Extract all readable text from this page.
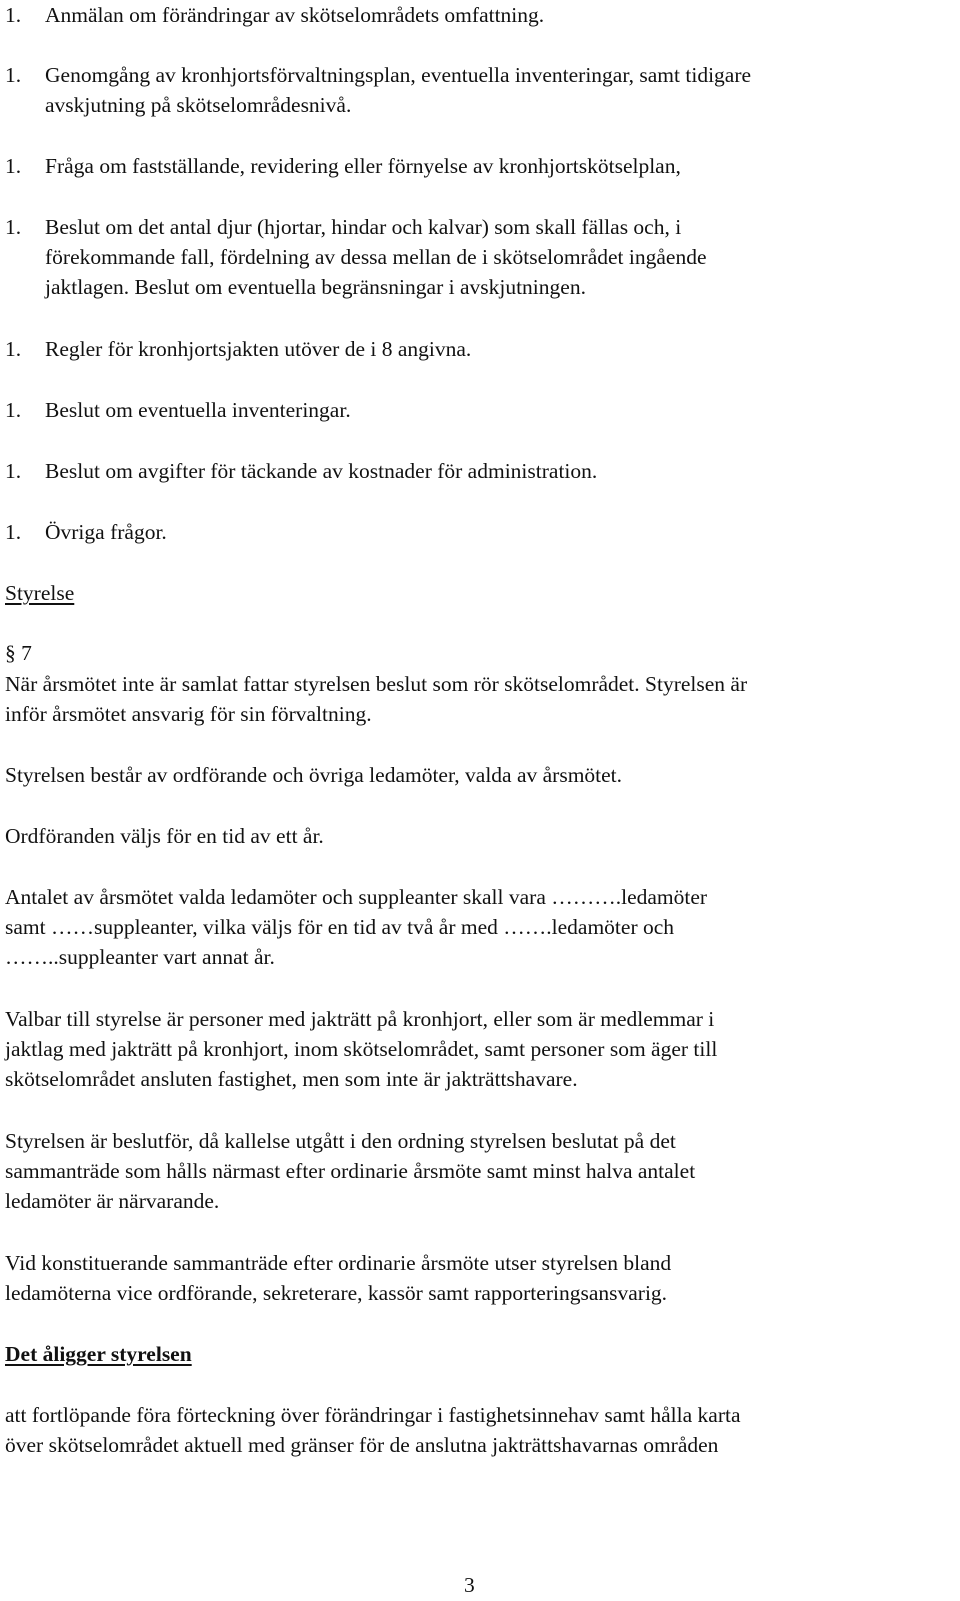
1. Anmälan om förändringar av skötselområdets omfattning.
1. Genomgång av kronhjortsförvaltningsplan, eventuella inventeringar, samt tidigare
avskjutning på skötselområdesnivå.
1. Fråga om fastställande, revidering eller förnyelse av kronhjortskötselplan,
1. Beslut om det antal djur (hjortar, hindar och kalvar) som skall fällas och, i
förekommande fall, fördelning av dessa mellan de i skötselområdet ingående
jaktlagen. Beslut om eventuella begränsningar i avskjutningen.
1. Regler för kronhjortsjakten utöver de i 8 angivna.
1. Beslut om eventuella inventeringar.
1. Beslut om avgifter för täckande av kostnader för administration.
1. Övriga frågor.
Styrelse
§ 7
När årsmötet inte är samlat fattar styrelsen beslut som rör skötselområdet. Styrelsen är
inför årsmötet ansvarig för sin förvaltning.
Styrelsen består av ordförande och övriga ledamöter, valda av årsmötet.
Ordföranden väljs för en tid av ett år.
Antalet av årsmötet valda ledamöter och suppleanter skall vara ……….ledamöter
samt ……suppleanter, vilka väljs för en tid av två år med …….ledamöter och
……..suppleanter vart annat år.
Valbar till styrelse är personer med jakträtt på kronhjort, eller som är medlemmar i
jaktlag med jakträtt på kronhjort, inom skötselområdet, samt personer som äger till
skötselområdet ansluten fastighet, men som inte är jakträttshavare.
Styrelsen är beslutför, då kallelse utgått i den ordning styrelsen beslutat på det
sammanträde som hålls närmast efter ordinarie årsmöte samt minst halva antalet
ledamöter är närvarande.
Vid konstituerande sammanträde efter ordinarie årsmöte utser styrelsen bland
ledamöterna vice ordförande, sekreterare, kassör samt rapporteringsansvarig.
Det åligger styrelsen
att fortlöpande föra förteckning över förändringar i fastighetsinnehav samt hålla karta
över skötselområdet aktuell med gränser för de anslutna jakträttshavarnas områden
3
